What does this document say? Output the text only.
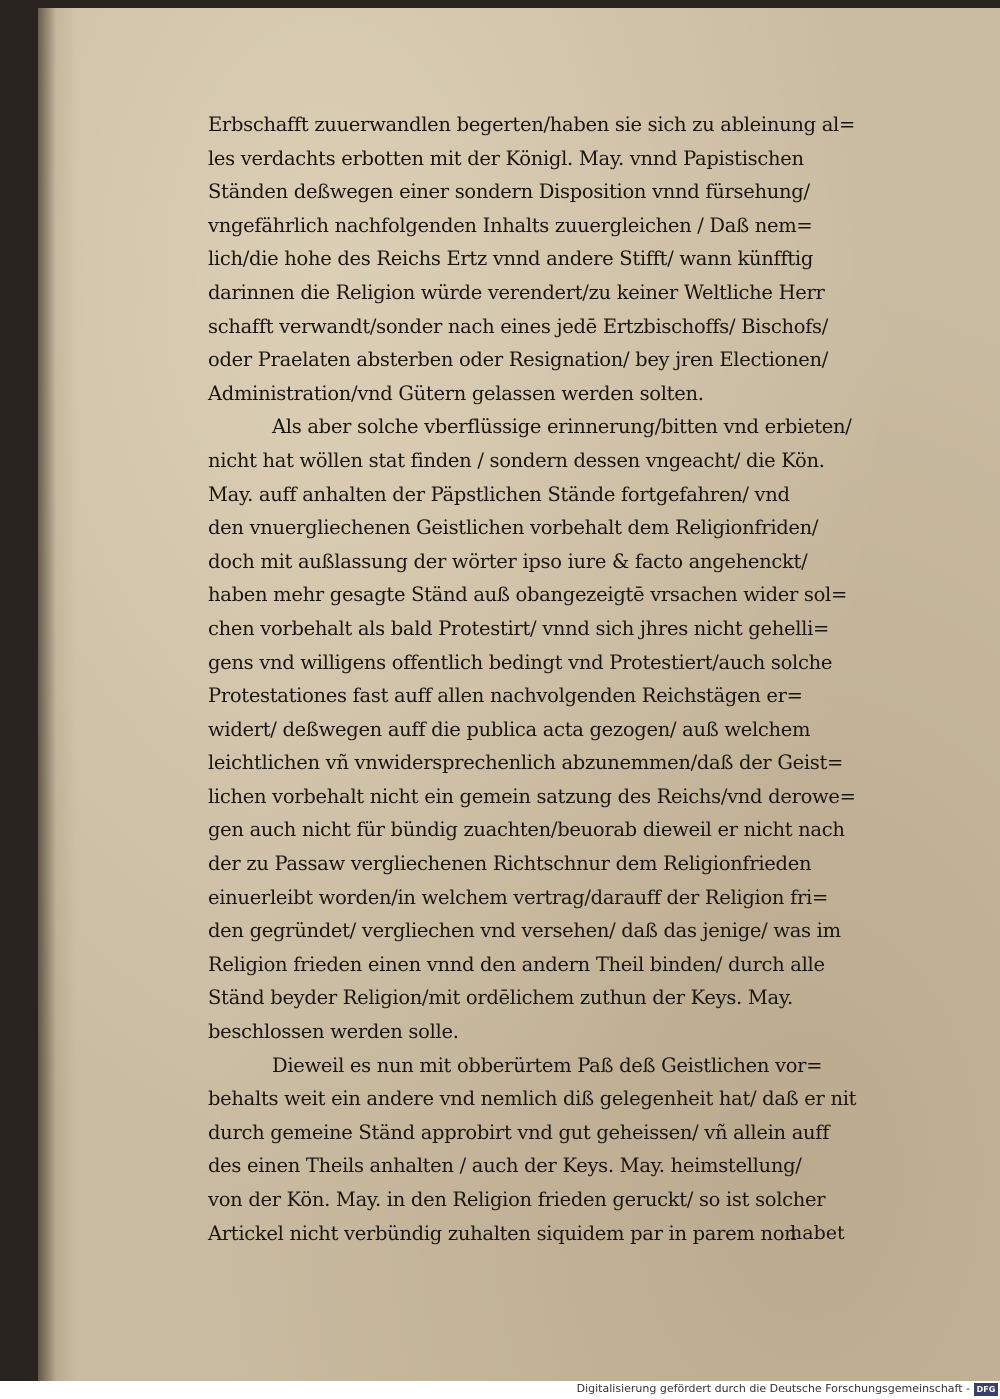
Erbschafft zuuerwandlen begerten/haben sie sich zu ableinung al=
les verdachts erbotten mit der Königl. May. vnnd Papistischen
Ständen deßwegen einer sondern Disposition vnnd fürsehung/
vngefährlich nachfolgenden Inhalts zuuergleichen / Daß nem=
lich/die hohe des Reichs Ertz vnnd andere Stifft/ wann künfftig
darinnen die Religion würde verendert/zu keiner Weltliche Herr
schafft verwandt/sonder nach eines jedē Ertzbischoffs/ Bischofs/
oder Praelaten absterben oder Resignation/ bey jren Electionen/
Administration/vnd Gütern gelassen werden solten.
Als aber solche vberflüssige erinnerung/bitten vnd erbieten/
nicht hat wöllen stat finden / sondern dessen vngeacht/ die Kön.
May. auff anhalten der Päpstlichen Stände fortgefahren/ vnd
den vnuergliechenen Geistlichen vorbehalt dem Religionfriden/
doch mit außlassung der wörter ipso iure & facto angehenckt/
haben mehr gesagte Ständ auß obangezeigtē vrsachen wider sol=
chen vorbehalt als bald Protestirt/ vnnd sich jhres nicht gehelli=
gens vnd willigens offentlich bedingt vnd Protestiert/auch solche
Protestationes fast auff allen nachvolgenden Reichstägen er=
widert/ deßwegen auff die publica acta gezogen/ auß welchem
leichtlichen vñ vnwidersprechenlich abzunemmen/daß der Geist=
lichen vorbehalt nicht ein gemein satzung des Reichs/vnd derowe=
gen auch nicht für bündig zuachten/beuorab dieweil er nicht nach
der zu Passaw vergliechenen Richtschnur dem Religionfrieden
einuerleibt worden/in welchem vertrag/darauff der Religion fri=
den gegründet/ vergliechen vnd versehen/ daß das jenige/ was im
Religion frieden einen vnnd den andern Theil binden/ durch alle
Ständ beyder Religion/mit ordēlichem zuthun der Keys. May.
beschlossen werden solle.
Dieweil es nun mit obberürtem Paß deß Geistlichen vor=
behalts weit ein andere vnd nemlich diß gelegenheit hat/ daß er nit
durch gemeine Ständ approbirt vnd gut geheissen/ vñ allein auff
des einen Theils anhalten / auch der Keys. May. heimstellung/
von der Kön. May. in den Religion frieden geruckt/ so ist solcher
Artickel nicht verbündig zuhalten siquidem par in parem non
habet
Digitalisierung gefördert durch die Deutsche Forschungsgemeinschaft - DFG
